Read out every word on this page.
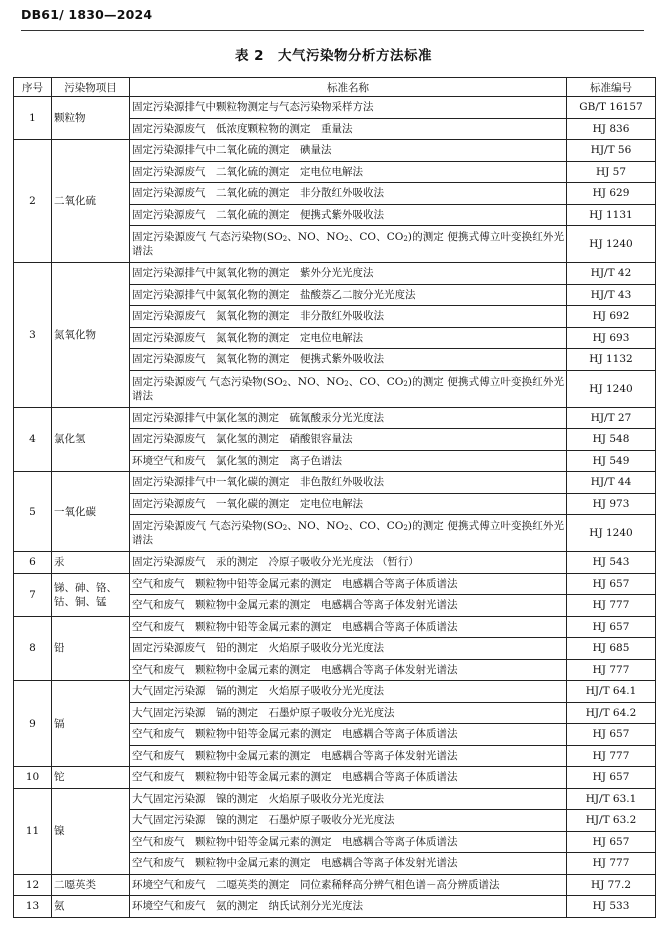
DB61/ 1830—2024
表 2　大气污染物分析方法标准
序号	污染物项目	标准名称	标准编号
1	颗粒物	固定污染源排气中颗粒物测定与气态污染物采样方法	GB/T 16157
		固定污染源废气　低浓度颗粒物的测定　重量法	HJ 836
2	二氧化硫	固定污染源排气中二氧化硫的测定　碘量法	HJ/T 56
		固定污染源废气　二氧化硫的测定　定电位电解法	HJ 57
		固定污染源废气　二氧化硫的测定　非分散红外吸收法	HJ 629
		固定污染源废气　二氧化硫的测定　便携式紫外吸收法	HJ 1131
		固定污染源废气 气态污染物($SO_2$、NO、$NO_2$、CO、$CO_2$)的测定 便携式傅立叶变换红外光谱法	HJ 1240
3	氮氧化物	固定污染源排气中氮氧化物的测定　紫外分光光度法	HJ/T 42
		固定污染源排气中氮氧化物的测定　盐酸萘乙二胺分光光度法	HJ/T 43
		固定污染源废气　氮氧化物的测定　非分散红外吸收法	HJ 692
		固定污染源废气　氮氧化物的测定　定电位电解法	HJ 693
		固定污染源废气　氮氧化物的测定　便携式紫外吸收法	HJ 1132
		固定污染源废气 气态污染物($SO_2$、NO、$NO_2$、CO、$CO_2$)的测定 便携式傅立叶变换红外光谱法	HJ 1240
4	氯化氢	固定污染源排气中氯化氢的测定　硫氰酸汞分光光度法	HJ/T 27
		固定污染源废气　氯化氢的测定　硝酸银容量法	HJ 548
		环境空气和废气　氯化氢的测定　离子色谱法	HJ 549
5	一氧化碳	固定污染源排气中一氧化碳的测定　非色散红外吸收法	HJ/T 44
		固定污染源废气　一氧化碳的测定　定电位电解法	HJ 973
		固定污染源废气 气态污染物($SO_2$、NO、$NO_2$、CO、$CO_2$)的测定 便携式傅立叶变换红外光谱法	HJ 1240
6	汞	固定污染源废气　汞的测定　冷原子吸收分光光度法 （暂行）	HJ 543
7	锑、砷、铬、钴、铜、锰	空气和废气　颗粒物中铅等金属元素的测定　电感耦合等离子体质谱法	HJ 657
		空气和废气　颗粒物中金属元素的测定　电感耦合等离子体发射光谱法	HJ 777
8	铅	空气和废气　颗粒物中铅等金属元素的测定　电感耦合等离子体质谱法	HJ 657
		固定污染源废气　铅的测定　火焰原子吸收分光光度法	HJ 685
		空气和废气　颗粒物中金属元素的测定　电感耦合等离子体发射光谱法	HJ 777
9	镉	大气固定污染源　镉的测定　火焰原子吸收分光光度法	HJ/T 64.1
		大气固定污染源　镉的测定　石墨炉原子吸收分光光度法	HJ/T 64.2
		空气和废气　颗粒物中铅等金属元素的测定　电感耦合等离子体质谱法	HJ 657
		空气和废气　颗粒物中金属元素的测定　电感耦合等离子体发射光谱法	HJ 777
10	铊	空气和废气　颗粒物中铅等金属元素的测定　电感耦合等离子体质谱法	HJ 657
11	镍	大气固定污染源　镍的测定　火焰原子吸收分光光度法	HJ/T 63.1
		大气固定污染源　镍的测定　石墨炉原子吸收分光光度法	HJ/T 63.2
		空气和废气　颗粒物中铅等金属元素的测定　电感耦合等离子体质谱法	HJ 657
		空气和废气　颗粒物中金属元素的测定　电感耦合等离子体发射光谱法	HJ 777
12	二噁英类	环境空气和废气　二噁英类的测定　同位素稀释高分辨气相色谱－高分辨质谱法	HJ 77.2
13	氨	环境空气和废气　氨的测定　纳氏试剂分光光度法	HJ 533
